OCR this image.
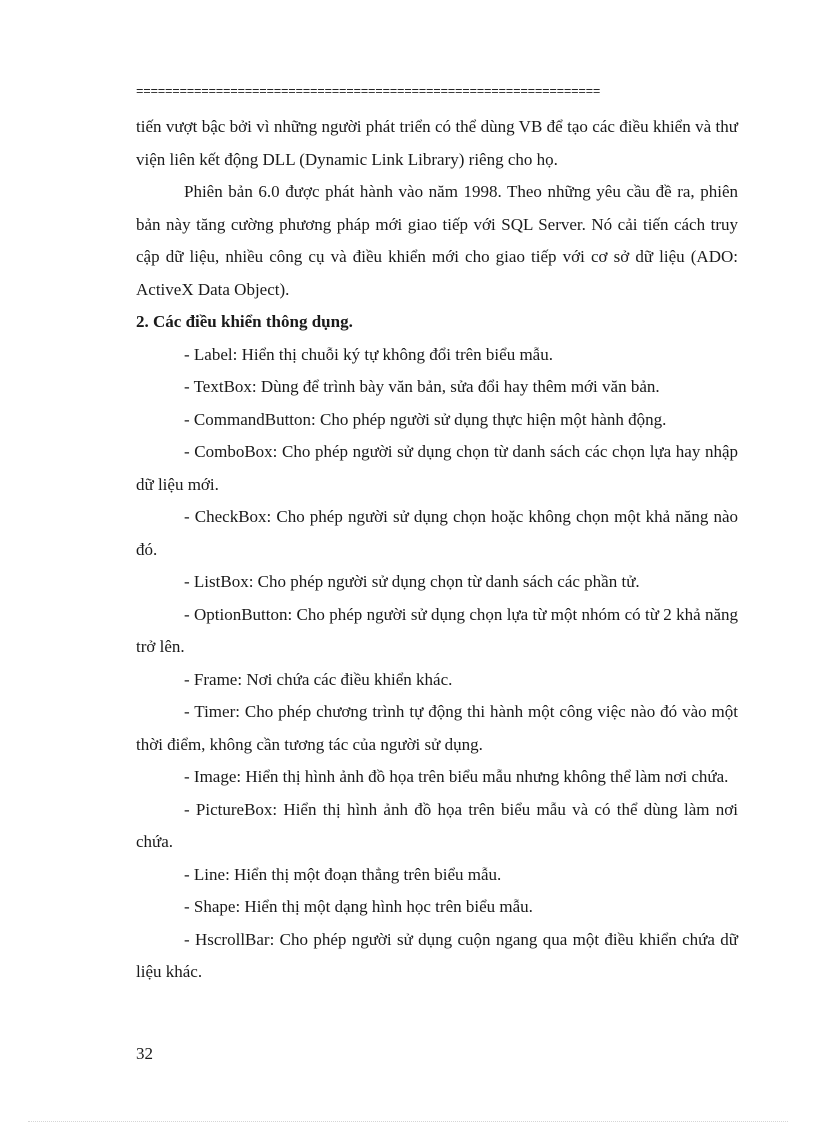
================================================================

tiến vượt bậc bởi vì những người phát triển có thể dùng VB để tạo các điều khiển và thư viện liên kết động DLL (Dynamic Link Library) riêng cho họ.

Phiên bản 6.0 được phát hành vào năm 1998. Theo những yêu cầu đề ra, phiên bản này tăng cường phương pháp mới giao tiếp với SQL Server. Nó cải tiến cách truy cập dữ liệu, nhiều công cụ và điều khiển mới cho giao tiếp với cơ sở dữ liệu (ADO: ActiveX Data Object).

2. Các điều khiển thông dụng.

- Label: Hiển thị chuỗi ký tự không đổi trên biểu mẫu.

- TextBox: Dùng để trình bày văn bản, sửa đổi hay thêm mới văn bản.

- CommandButton: Cho phép người sử dụng thực hiện một hành động.

- ComboBox: Cho phép người sử dụng chọn từ danh sách các chọn lựa hay nhập dữ liệu mới.

- CheckBox: Cho phép người sử dụng chọn hoặc không chọn một khả năng nào đó.

- ListBox: Cho phép người sử dụng chọn từ danh sách các phần tử.

- OptionButton: Cho phép người sử dụng chọn lựa từ một nhóm có từ 2 khả năng trở lên.

- Frame: Nơi chứa các điều khiển khác.

- Timer: Cho phép chương trình tự động thi hành một công việc nào đó vào một thời điểm, không cần tương tác của người sử dụng.

- Image: Hiển thị hình ảnh đồ họa trên biểu mẫu nhưng không thể làm nơi chứa.

- PictureBox: Hiển thị hình ảnh đồ họa trên biểu mẫu và có thể dùng làm nơi chứa.

- Line: Hiển thị một đoạn thẳng trên biểu mẫu.

- Shape: Hiển thị một dạng hình học trên biểu mẫu.

- HscrollBar: Cho phép người sử dụng cuộn ngang qua một điều khiển chứa dữ liệu khác.

32
